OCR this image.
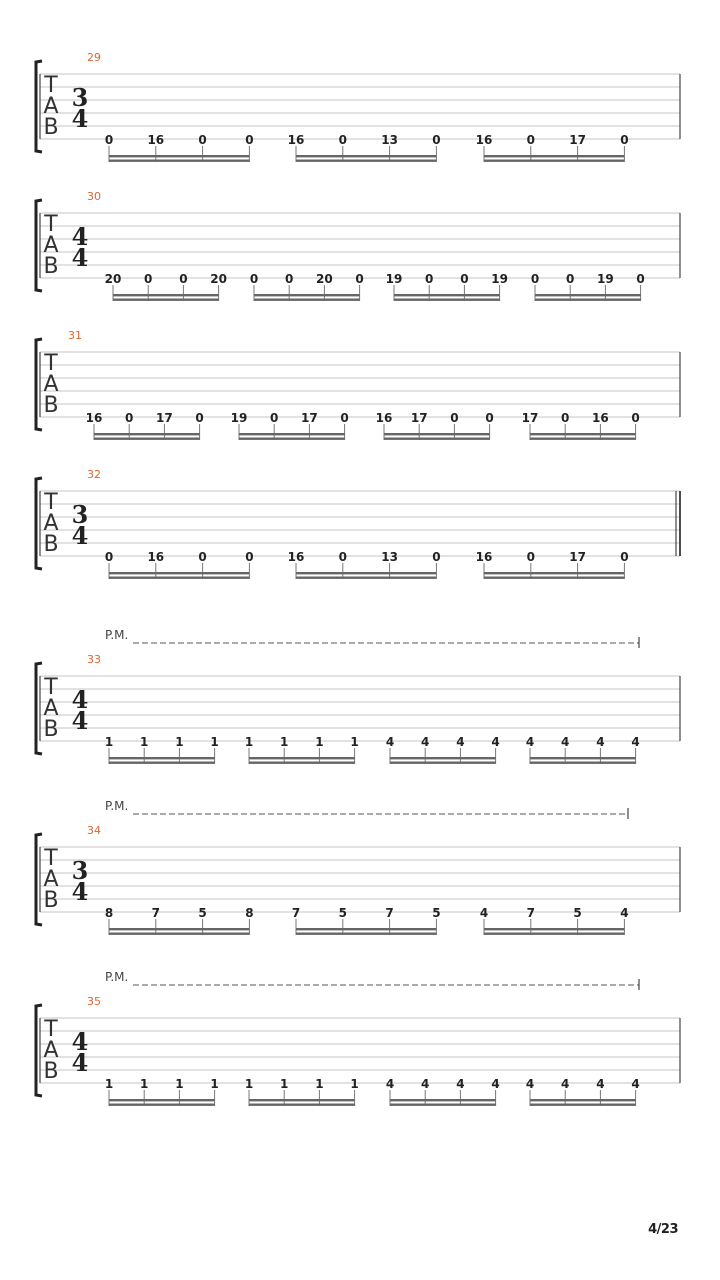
T
A
B
29
3
4
0	16	0	0	16	0	13	0	16	0	17	0
T
A
B
30
4
4
20 0 0 20 0 0 20 0 19 0 0 19 0 0 19 0
T
A
B
31
16 0 17 0 19 0 17 0 16 17 0 0 17 0 16 0
T
A
B
32
3
4
0	16	0	0	16	0	13	0	16	0	17	0
T
A
B
33
4
4
1 1 1 1 1 1 1 1 4 4 4 4 4 4 4 4
P.M.
T
A
B
34
3
4
8	7	5	8	7	5	7	5	4	7	5	4
P.M.
T
A
B
35
4
4
1 1 1 1 1 1 1 1 4 4 4 4 4 4 4 4
P.M.
4/23
